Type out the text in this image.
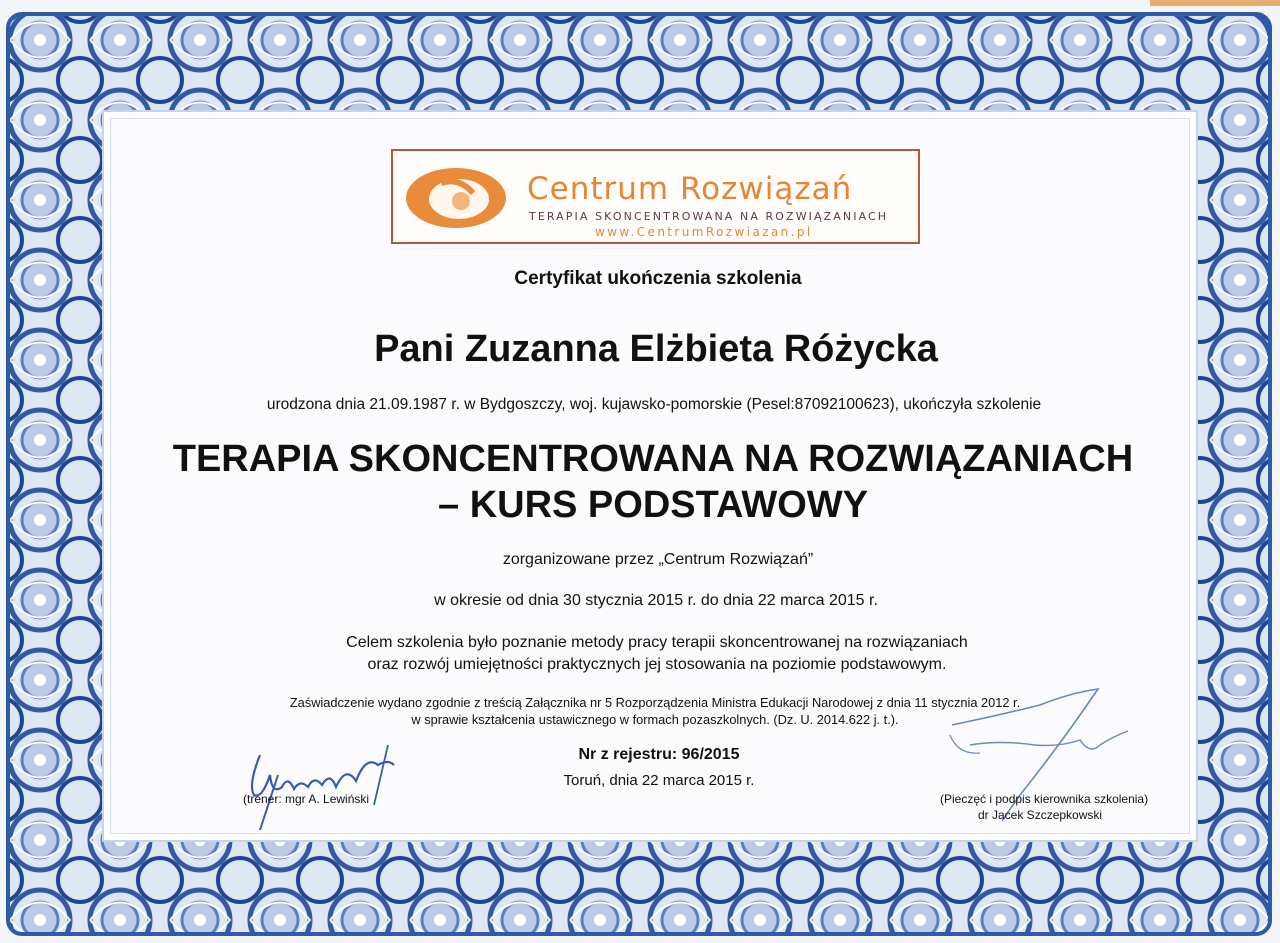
Centrum Rozwiązań
TERAPIA SKONCENTROWANA NA ROZWIĄZANIACH
www.CentrumRozwiazan.pl
Certyfikat ukończenia szkolenia
Pani Zuzanna Elżbieta Różycka
urodzona dnia 21.09.1987 r. w Bydgoszczy, woj. kujawsko-pomorskie (Pesel:87092100623), ukończyła szkolenie
TERAPIA SKONCENTROWANA NA ROZWIĄZANIACH
– KURS PODSTAWOWY
zorganizowane przez „Centrum Rozwiązań”
w okresie od dnia 30 stycznia 2015 r. do dnia 22 marca 2015 r.
Celem szkolenia było poznanie metody pracy terapii skoncentrowanej na rozwiązaniach
oraz rozwój umiejętności praktycznych jej stosowania na poziomie podstawowym.
Zaświadczenie wydano zgodnie z treścią Załącznika nr 5 Rozporządzenia Ministra Edukacji Narodowej z dnia 11 stycznia 2012 r.
w sprawie kształcenia ustawicznego w formach pozaszkolnych. (Dz. U. 2014.622 j. t.).
Nr z rejestru: 96/2015
Toruń, dnia 22 marca 2015 r.
(trener: mgr A. Lewiński	(Pieczęć i podpis kierownika szkolenia)
dr Jacek Szczepkowski
